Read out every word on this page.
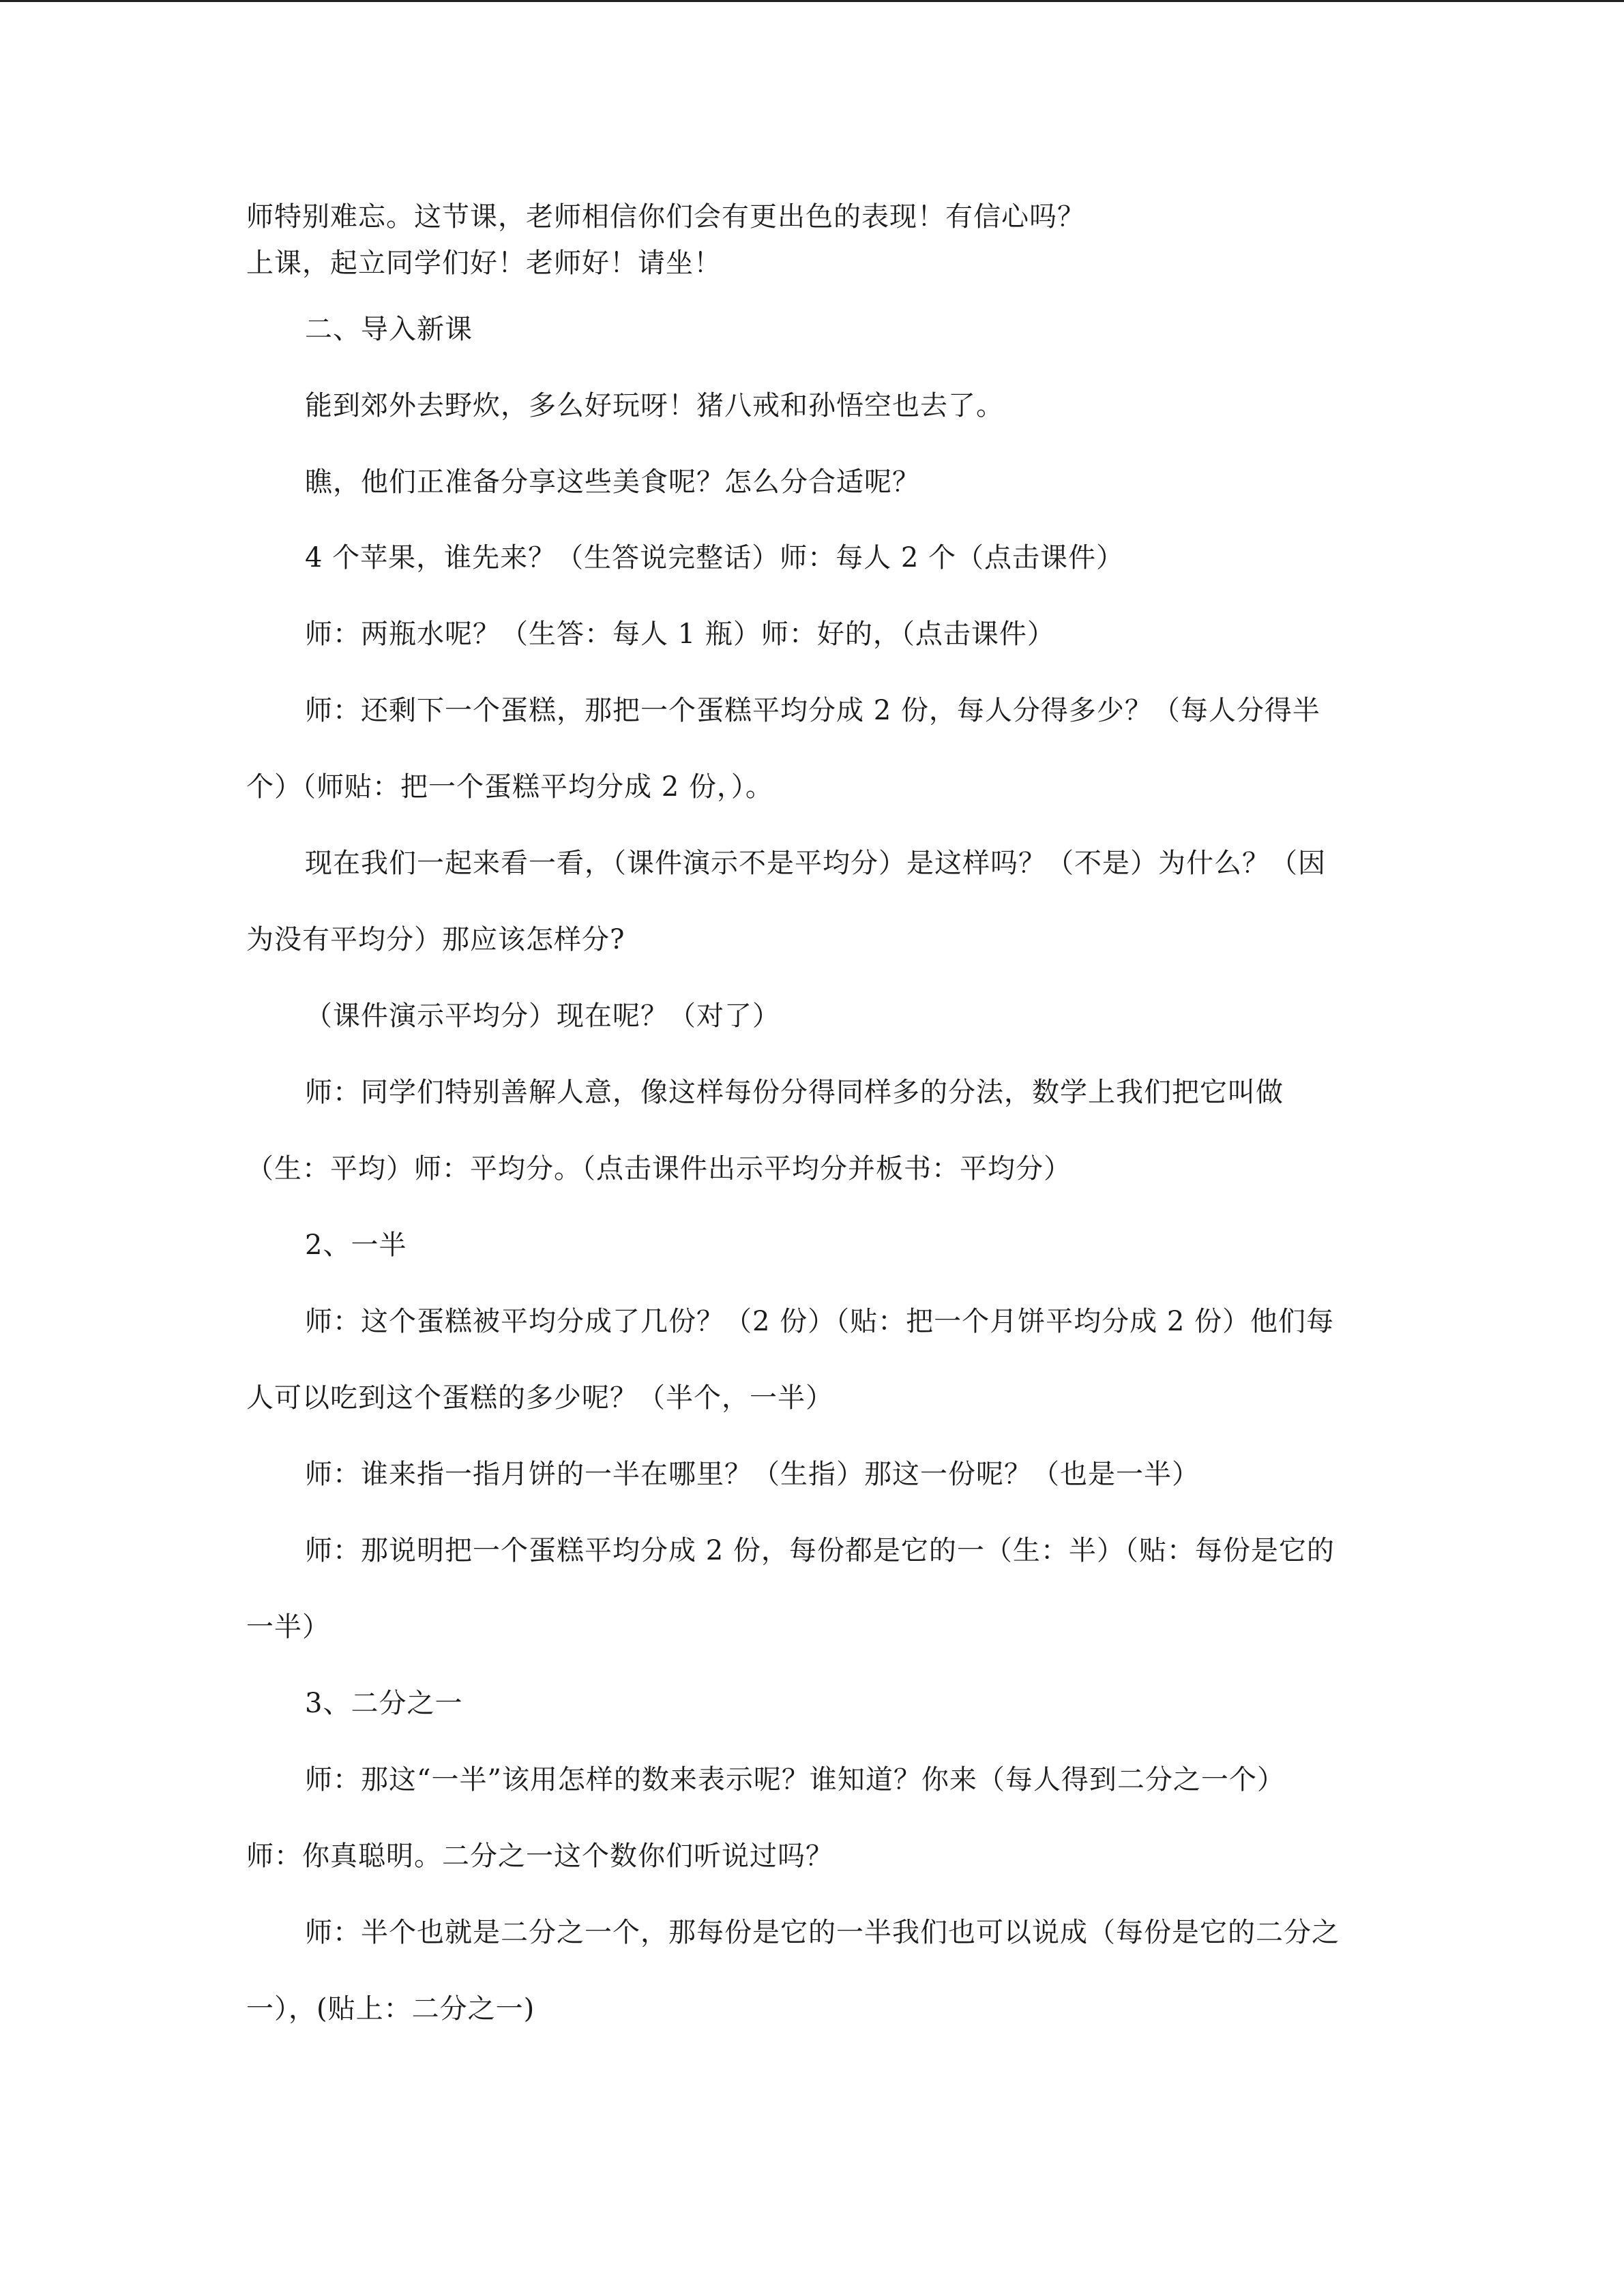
师特别难忘。这节课，老师相信你们会有更出色的表现！有信心吗？
上课，起立同学们好！老师好！请坐！
二、导入新课
能到郊外去野炊，多么好玩呀！猪八戒和孙悟空也去了。
瞧，他们正准备分享这些美食呢？怎么分合适呢？
4 个苹果，谁先来？（生答说完整话）师：每人 2 个（点击课件）
师：两瓶水呢？（生答：每人 1 瓶）师：好的，（点击课件）
师：还剩下一个蛋糕，那把一个蛋糕平均分成 2 份，每人分得多少？（每人分得半
个）（师贴：把一个蛋糕平均分成 2 份，）。
现在我们一起来看一看，（课件演示不是平均分）是这样吗？（不是）为什么？（因
为没有平均分）那应该怎样分?
（课件演示平均分）现在呢？（对了）
师：同学们特别善解人意，像这样每份分得同样多的分法，数学上我们把它叫做
（生：平均）师：平均分。（点击课件出示平均分并板书：平均分）
2、一半
师：这个蛋糕被平均分成了几份？（2 份）（贴：把一个月饼平均分成 2 份）他们每
人可以吃到这个蛋糕的多少呢？（半个，一半）
师：谁来指一指月饼的一半在哪里？（生指）那这一份呢？（也是一半）
师：那说明把一个蛋糕平均分成 2 份，每份都是它的一（生：半）（贴：每份是它的
一半）
3、二分之一
师：那这“一半”该用怎样的数来表示呢？谁知道？你来（每人得到二分之一个）
师：你真聪明。二分之一这个数你们听说过吗？
师：半个也就是二分之一个，那每份是它的一半我们也可以说成（每份是它的二分之
一），(贴上：二分之一)
